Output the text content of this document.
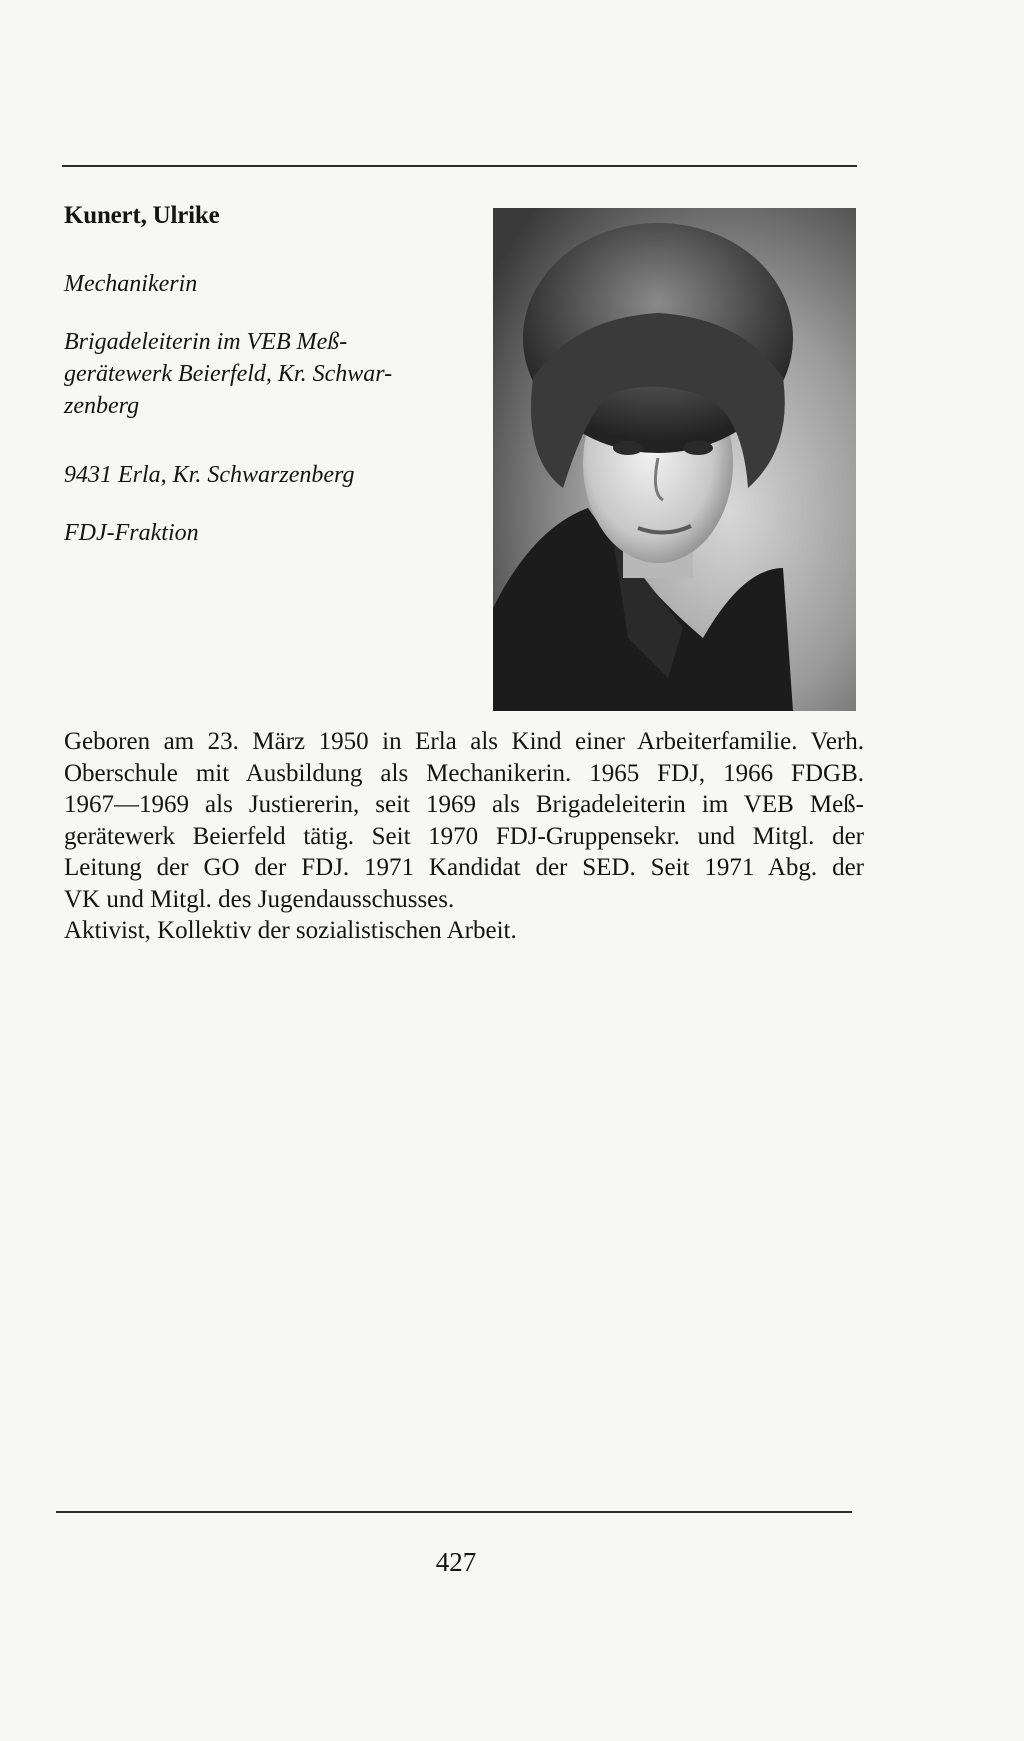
Kunert, Ulrike
Mechanikerin
Brigadeleiterin im VEB Meß-
gerätewerk Beierfeld, Kr. Schwar-
zenberg
9431 Erla, Kr. Schwarzenberg
FDJ-Fraktion
Geboren am 23. März 1950 in Erla als Kind einer Arbeiterfamilie. Verh.
Oberschule mit Ausbildung als Mechanikerin. 1965 FDJ, 1966 FDGB.
1967—1969 als Justiererin, seit 1969 als Brigadeleiterin im VEB Meß-
gerätewerk Beierfeld tätig. Seit 1970 FDJ-Gruppensekr. und Mitgl. der
Leitung der GO der FDJ. 1971 Kandidat der SED. Seit 1971 Abg. der
VK und Mitgl. des Jugendausschusses.
Aktivist, Kollektiv der sozialistischen Arbeit.
427
